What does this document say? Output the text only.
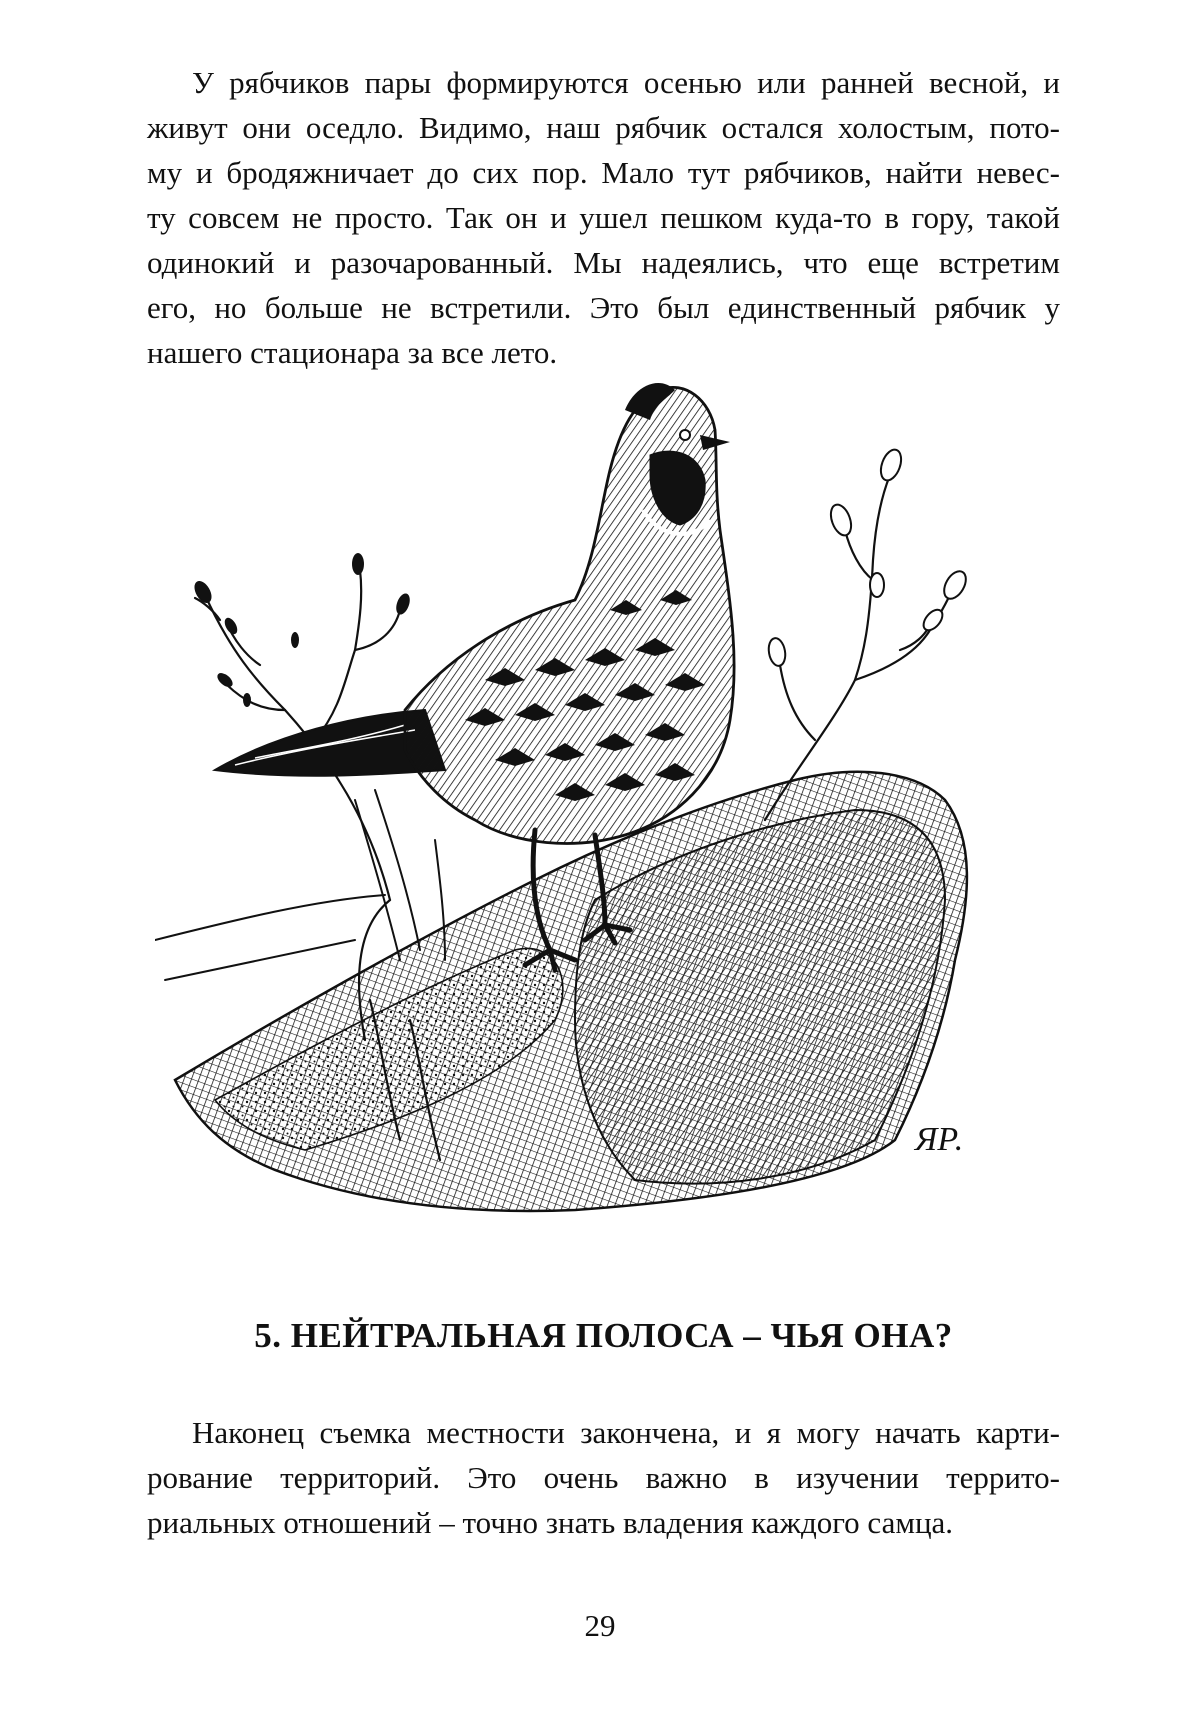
У рябчиков пары формируются осенью или ранней весной, и
живут они оседло. Видимо, наш рябчик остался холостым, пото-
му и бродяжничает до сих пор. Мало тут рябчиков, найти невес-
ту совсем не просто. Так он и ушел пешком куда-то в гору, такой
одинокий и разочарованный. Мы надеялись, что еще встретим
его, но больше не встретили. Это был единственный рябчик у
нашего стационара за все лето.
ЯР.
5. НЕЙТРАЛЬНАЯ ПОЛОСА – ЧЬЯ ОНА?
Наконец съемка местности закончена, и я могу начать карти-
рование территорий. Это очень важно в изучении террито-
риальных отношений – точно знать владения каждого самца.
29
